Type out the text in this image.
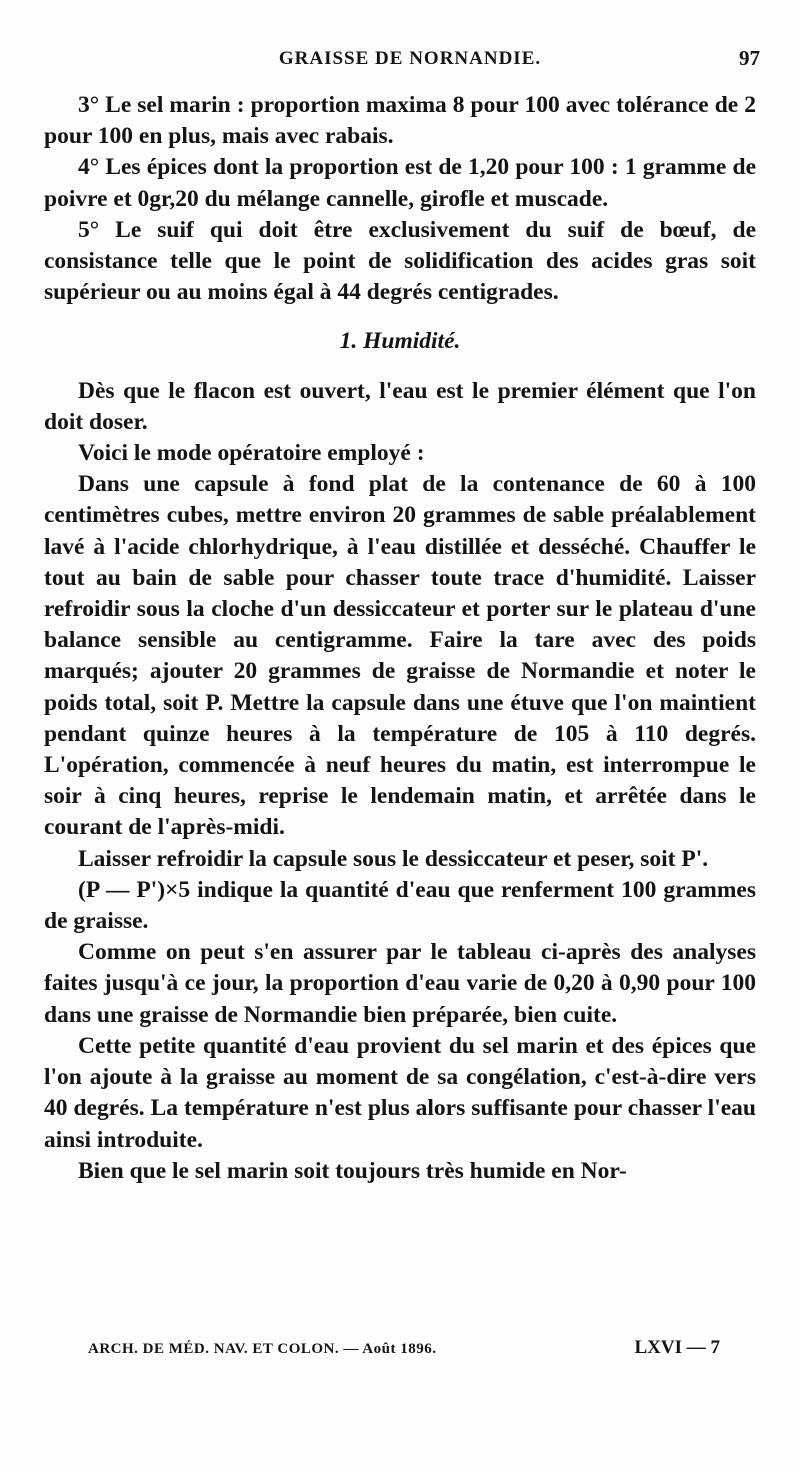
GRAISSE DE NORNANDIE.	97

3° Le sel marin : proportion maxima 8 pour 100 avec tolérance de 2 pour 100 en plus, mais avec rabais.

4° Les épices dont la proportion est de 1,20 pour 100 : 1 gramme de poivre et 0gr,20 du mélange cannelle, girofle et muscade.

5° Le suif qui doit être exclusivement du suif de bœuf, de consistance telle que le point de solidification des acides gras soit supérieur ou au moins égal à 44 degrés centigrades.

1. Humidité.

Dès que le flacon est ouvert, l'eau est le premier élément que l'on doit doser.

Voici le mode opératoire employé :

Dans une capsule à fond plat de la contenance de 60 à 100 centimètres cubes, mettre environ 20 grammes de sable préalablement lavé à l'acide chlorhydrique, à l'eau distillée et desséché. Chauffer le tout au bain de sable pour chasser toute trace d'humidité. Laisser refroidir sous la cloche d'un dessiccateur et porter sur le plateau d'une balance sensible au centigramme. Faire la tare avec des poids marqués; ajouter 20 grammes de graisse de Normandie et noter le poids total, soit P. Mettre la capsule dans une étuve que l'on maintient pendant quinze heures à la température de 105 à 110 degrés. L'opération, commencée à neuf heures du matin, est interrompue le soir à cinq heures, reprise le lendemain matin, et arrêtée dans le courant de l'après-midi.

Laisser refroidir la capsule sous le dessiccateur et peser, soit P'.

(P — P')×5 indique la quantité d'eau que renferment 100 grammes de graisse.

Comme on peut s'en assurer par le tableau ci-après des analyses faites jusqu'à ce jour, la proportion d'eau varie de 0,20 à 0,90 pour 100 dans une graisse de Normandie bien préparée, bien cuite.

Cette petite quantité d'eau provient du sel marin et des épices que l'on ajoute à la graisse au moment de sa congélation, c'est-à-dire vers 40 degrés. La température n'est plus alors suffisante pour chasser l'eau ainsi introduite.

Bien que le sel marin soit toujours très humide en Nor-

ARCH. DE MÉD. NAV. ET COLON. — Août 1896.	LXVI — 7
